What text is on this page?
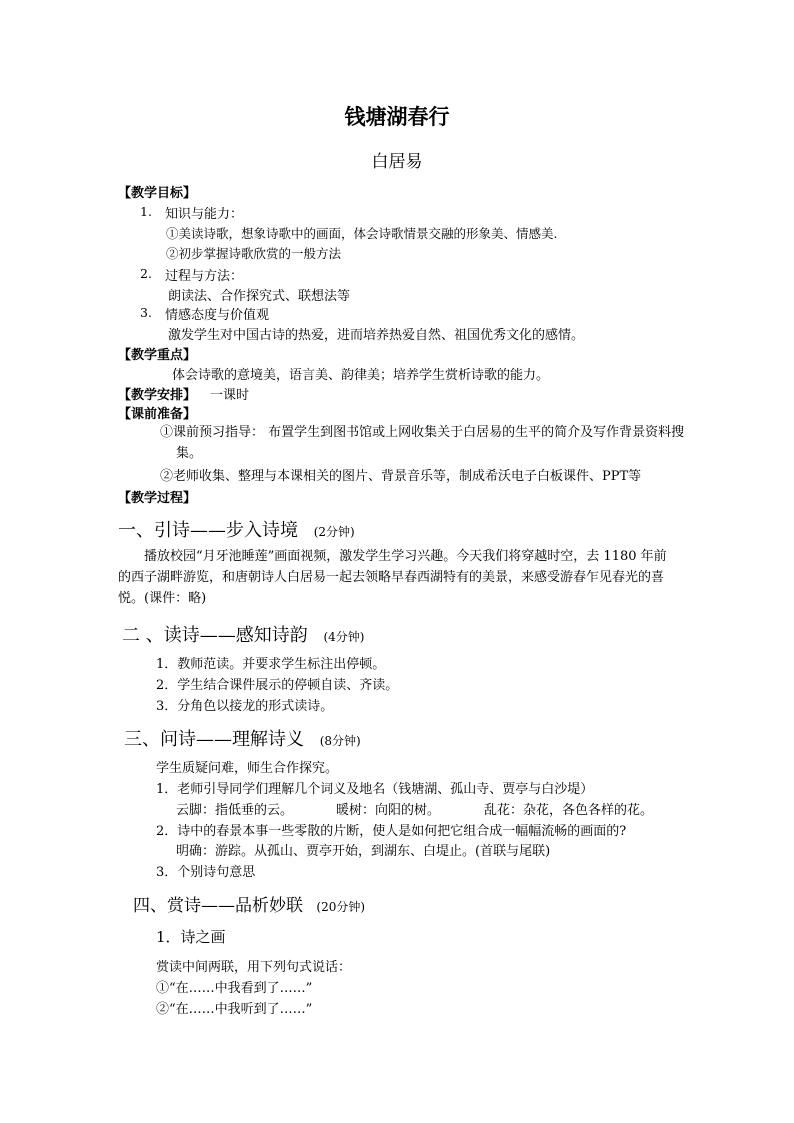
钱塘湖春行
白居易
【教学目标】
1. 知识与能力：
①美读诗歌，想象诗歌中的画面，体会诗歌情景交融的形象美、情感美.
②初步掌握诗歌欣赏的一般方法
2. 过程与方法：
朗读法、合作探究式、联想法等
3. 情感态度与价值观
激发学生对中国古诗的热爱，进而培养热爱自然、祖国优秀文化的感情。
【教学重点】
体会诗歌的意境美，语言美、韵律美；培养学生赏析诗歌的能力。
【教学安排】 一课时
【课前准备】
①课前预习指导： 布置学生到图书馆或上网收集关于白居易的生平的简介及写作背景资料搜集。
②老师收集、整理与本课相关的图片、背景音乐等，制成希沃电子白板课件、PPT等
【教学过程】
一、引诗——步入诗境 (2分钟)
播放校园“月牙池睡莲”画面视频，激发学生学习兴趣。今天我们将穿越时空，去 1180 年前的西子湖畔游览，和唐朝诗人白居易一起去领略早春西湖特有的美景，来感受游春乍见春光的喜悦。(课件：略)
二 、读诗——感知诗韵 (4分钟)
1．教师范读。并要求学生标注出停顿。
2．学生结合课件展示的停顿自读、齐读。
3．分角色以接龙的形式读诗。
三、问诗——理解诗义 (8分钟)
学生质疑问难，师生合作探究。
1．老师引导同学们理解几个词义及地名（钱塘湖、孤山寺、贾亭与白沙堤）
云脚：指低垂的云。	暖树：向阳的树。	乱花：杂花，各色各样的花。
2．诗中的春景本事一些零散的片断，使人是如何把它组合成一幅幅流畅的画面的?
明确：游踪。从孤山、贾亭开始，到湖东、白堤止。(首联与尾联)
3．个别诗句意思
四、赏诗——品析妙联 (20分钟)
1．诗之画
赏读中间两联，用下列句式说话：
①“在……中我看到了……”
②“在……中我听到了……”
